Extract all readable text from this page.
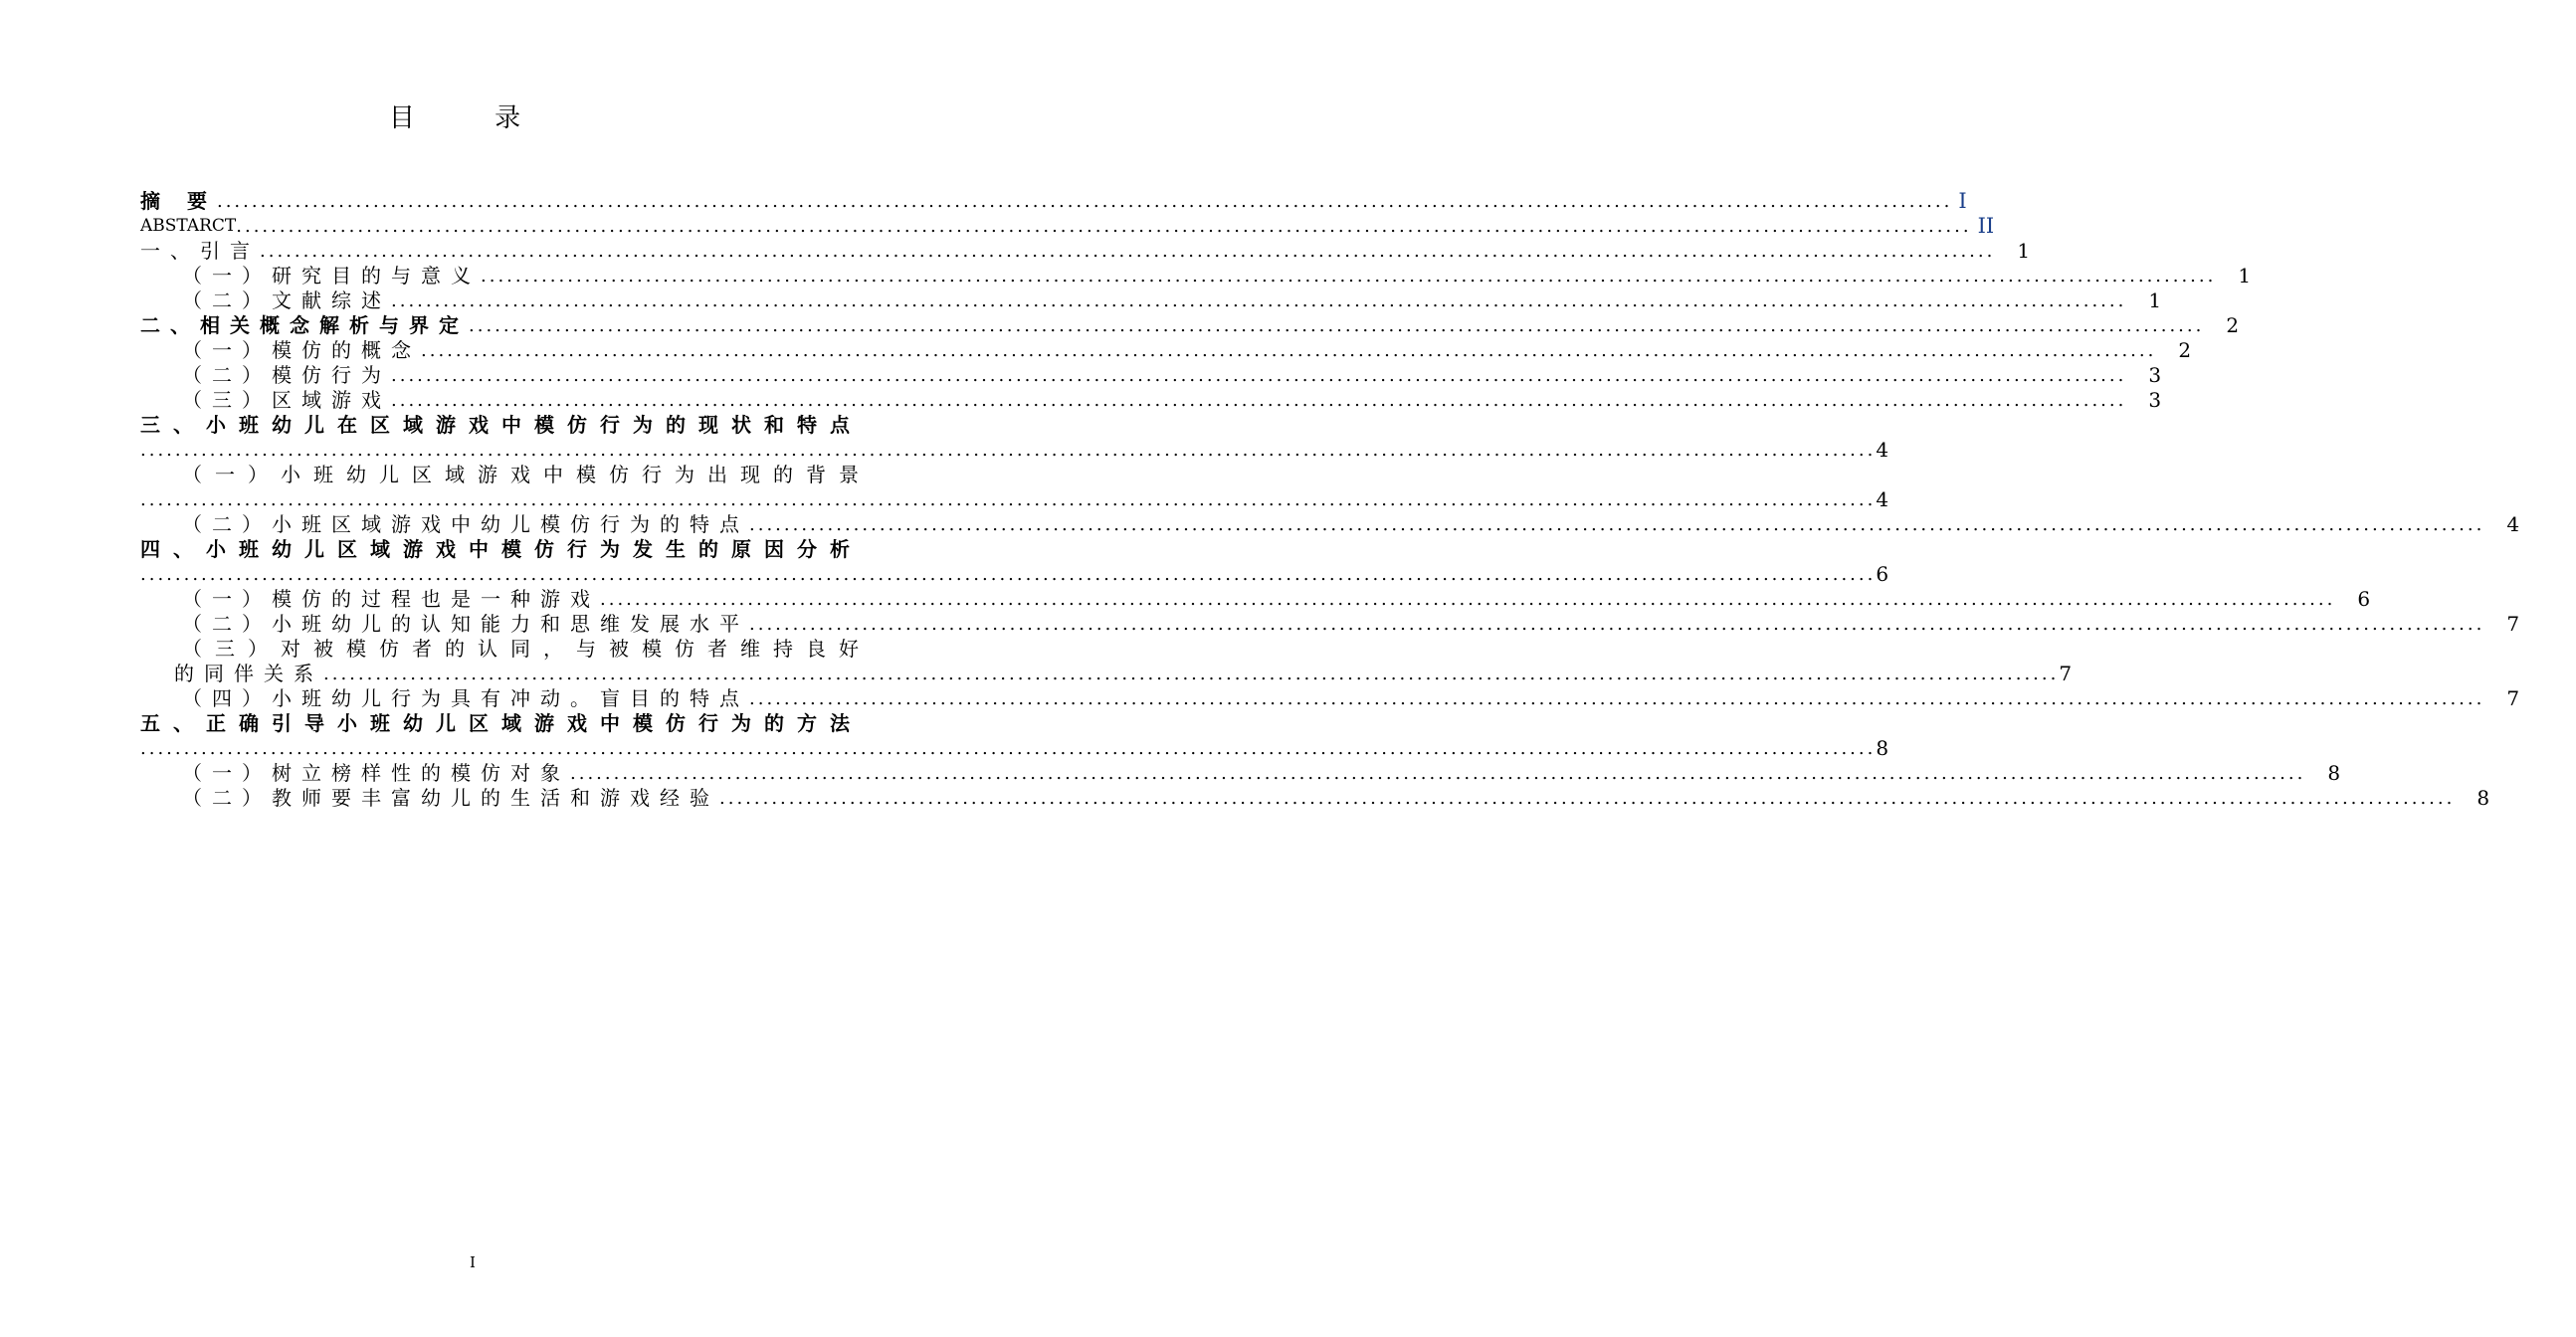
目 录
摘 要 ........................................................................................................................................................................................................ I
ABSTARCT ........................................................................................................................................................................................................ II
一、引言 ........................................................................................................................................................................................................	1
（一）研究目的与意义 ........................................................................................................................................................................................................	1
（二）文献综述 ........................................................................................................................................................................................................	1
二、相关概念解析与界定 ........................................................................................................................................................................................................	2
（一）模仿的概念 ........................................................................................................................................................................................................	2
（二）模仿行为 ........................................................................................................................................................................................................	3
（三）区域游戏 ........................................................................................................................................................................................................	3
三、小班幼儿在区域游戏中模仿行为的现状和特点
........................................................................................................................................................................................................ 4
（一）小班幼儿区域游戏中模仿行为出现的背景
........................................................................................................................................................................................................ 4
（二）小班区域游戏中幼儿模仿行为的特点 ........................................................................................................................................................................................................	4
四、小班幼儿区域游戏中模仿行为发生的原因分析
........................................................................................................................................................................................................ 6
（一）模仿的过程也是一种游戏 ........................................................................................................................................................................................................	6
（二）小班幼儿的认知能力和思维发展水平 ........................................................................................................................................................................................................	7
（三）对被模仿者的认同，与被模仿者维持良好
的同伴关系 ........................................................................................................................................................................................................ 7
（四）小班幼儿行为具有冲动。盲目的特点 ........................................................................................................................................................................................................	7
五、正确引导小班幼儿区域游戏中模仿行为的方法
........................................................................................................................................................................................................ 8
（一）树立榜样性的模仿对象 ........................................................................................................................................................................................................	8
（二）教师要丰富幼儿的生活和游戏经验 ........................................................................................................................................................................................................	8
I
